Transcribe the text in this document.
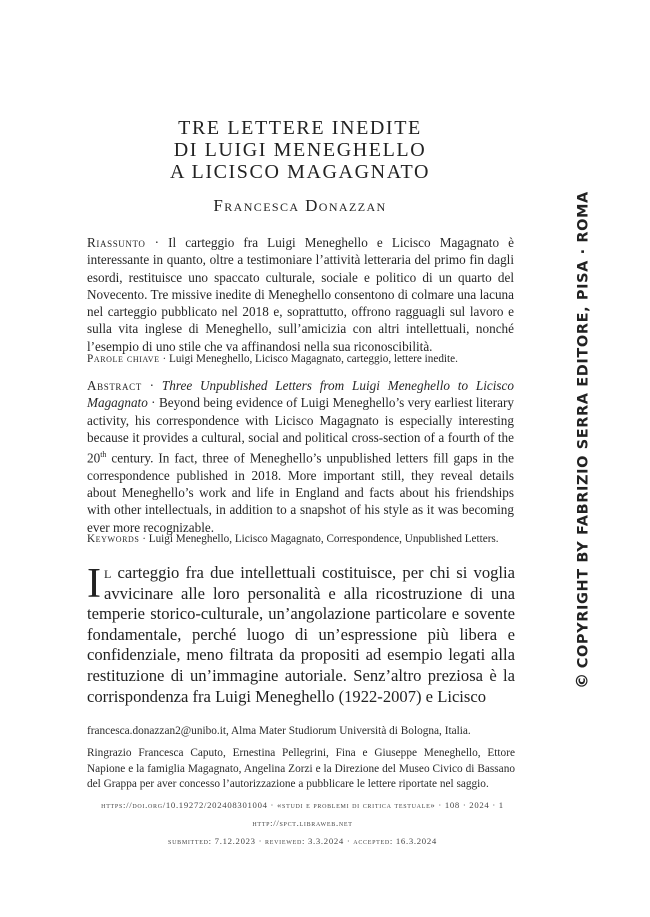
TRE LETTERE INEDITE
DI LUIGI MENEGHELLO
A LICISCO MAGAGNATO
Francesca Donazzan
Riassunto · Il carteggio fra Luigi Meneghello e Licisco Magagnato è interessante in quanto, oltre a testimoniare l’attività letteraria del primo fin dagli esordi, restituisce uno spaccato culturale, sociale e politico di un quarto del Novecento. Tre missive inedite di Meneghello consentono di colmare una lacuna nel carteggio pubblicato nel 2018 e, soprattutto, offrono ragguagli sul lavoro e sulla vita inglese di Meneghello, sull’amicizia con altri intellettuali, nonché l’esempio di uno stile che va affinandosi nella sua riconoscibilità.
Parole chiave · Luigi Meneghello, Licisco Magagnato, carteggio, lettere inedite.
Abstract · Three Unpublished Letters from Luigi Meneghello to Licisco Magagnato · Beyond being evidence of Luigi Meneghello’s very earliest literary activity, his correspondence with Licisco Magagnato is especially interesting because it provides a cultural, social and political cross-section of a fourth of the 20th century. In fact, three of Meneghello’s unpublished letters fill gaps in the correspondence published in 2018. More important still, they reveal details about Meneghello’s work and life in England and facts about his friendships with other intellectuals, in addition to a snapshot of his style as it was becoming ever more recognizable.
Keywords · Luigi Meneghello, Licisco Magagnato, Correspondence, Unpublished Letters.
Il carteggio fra due intellettuali costituisce, per chi si voglia avvicinare alle loro personalità e alla ricostruzione di una temperie storico-culturale, un’angolazione particolare e sovente fondamentale, perché luogo di un’espressione più libera e confidenziale, meno filtrata da propositi ad esempio legati alla restituzione di un’immagine autoriale. Senz’altro preziosa è la corrispondenza fra Luigi Meneghello (1922-2007) e Licisco
francesca.donazzan2@unibo.it, Alma Mater Studiorum Università di Bologna, Italia.
Ringrazio Francesca Caputo, Ernestina Pellegrini, Fina e Giuseppe Meneghello, Ettore Napione e la famiglia Magagnato, Angelina Zorzi e la Direzione del Museo Civico di Bassano del Grappa per aver concesso l’autorizzazione a pubblicare le lettere riportate nel saggio.
https://doi.org/10.19272/202408301004 · «studi e problemi di critica testuale» · 108 · 2024 · 1
http://spct.libraweb.net
submitted: 7.12.2023 · reviewed: 3.3.2024 · accepted: 16.3.2024
©COPYRIGHT BY FABRIZIO SERRA EDITORE, PISA · ROMA
